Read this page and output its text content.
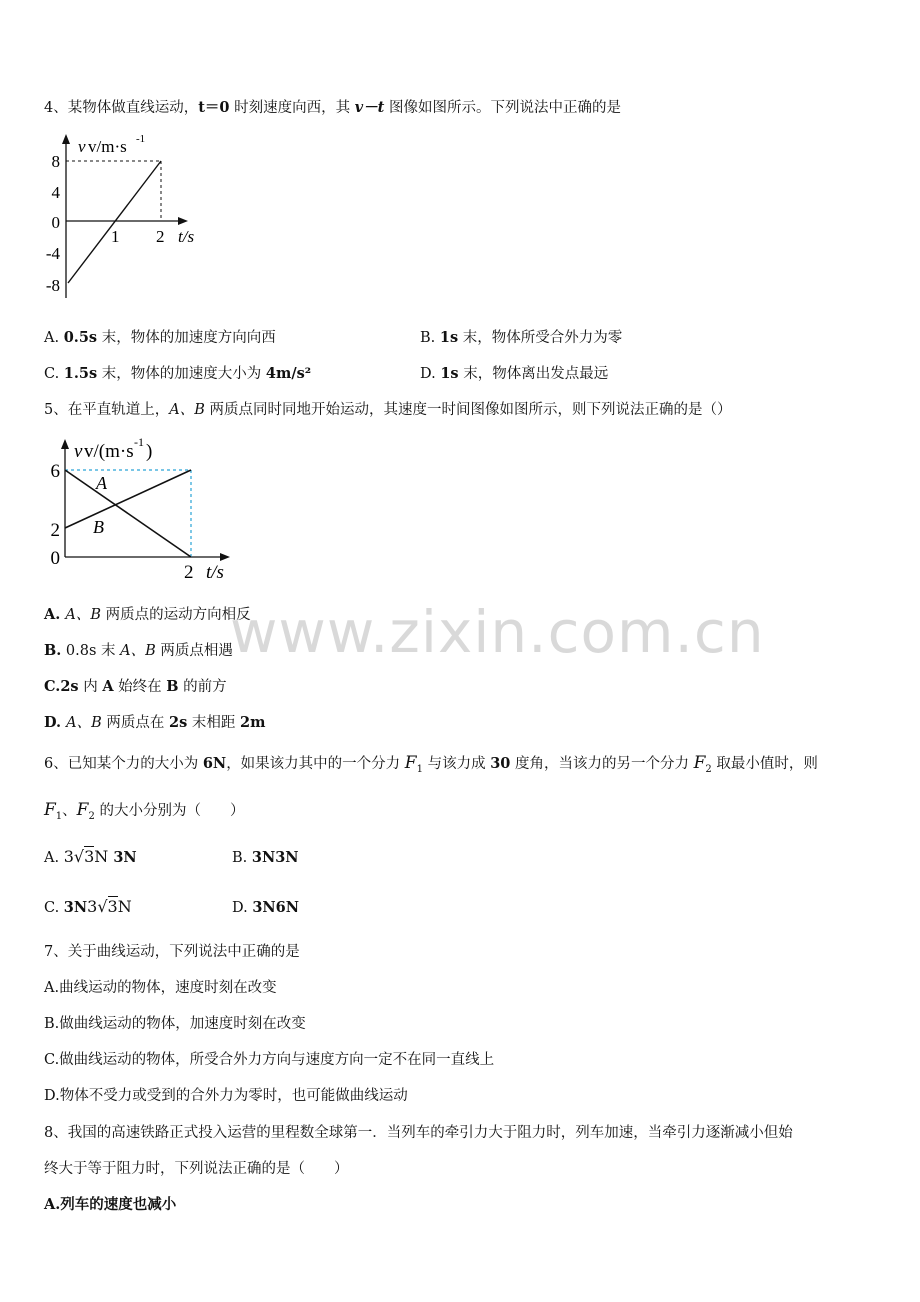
www.zixin.com.cn
4、某物体做直线运动，t＝0 时刻速度向西，其 v－t 图像如图所示。下列说法中正确的是
v v/m·s -1
8
4
0
-4
-8
1 2 t/s
A. 0.5s 末，物体的加速度方向向西	B. 1s 末，物体所受合外力为零
C. 1.5s 末，物体的加速度大小为 4m/s²	D. 1s 末，物体离出发点最远
5、在平直轨道上，A、B 两质点同时同地开始运动，其速度一时间图像如图所示，则下列说法正确的是（）
v v/(m·s -1 )
6
2
0
2 t/s
A
B
A. A、B 两质点的运动方向相反
B. 0.8s 末 A、B 两质点相遇
C.2s 内 A 始终在 B 的前方
D. A、B 两质点在 2s 末相距 2m
6、已知某个力的大小为 6N，如果该力其中的一个分力 $F_1$ 与该力成 30 度角，当该力的另一个分力 $F_2$ 取最小值时，则
$F_1$、$F_2$ 的大小分别为（　　）
A. 3√3N 3N	B. 3N3N
C. 3N3√3N	D. 3N6N
7、关于曲线运动，下列说法中正确的是
A.曲线运动的物体，速度时刻在改变
B.做曲线运动的物体，加速度时刻在改变
C.做曲线运动的物体，所受合外力方向与速度方向一定不在同一直线上
D.物体不受力或受到的合外力为零时，也可能做曲线运动
8、我国的高速铁路正式投入运营的里程数全球第一．当列车的牵引力大于阻力时，列车加速，当牵引力逐渐减小但始
终大于等于阻力时，下列说法正确的是（　　）
A.列车的速度也减小
